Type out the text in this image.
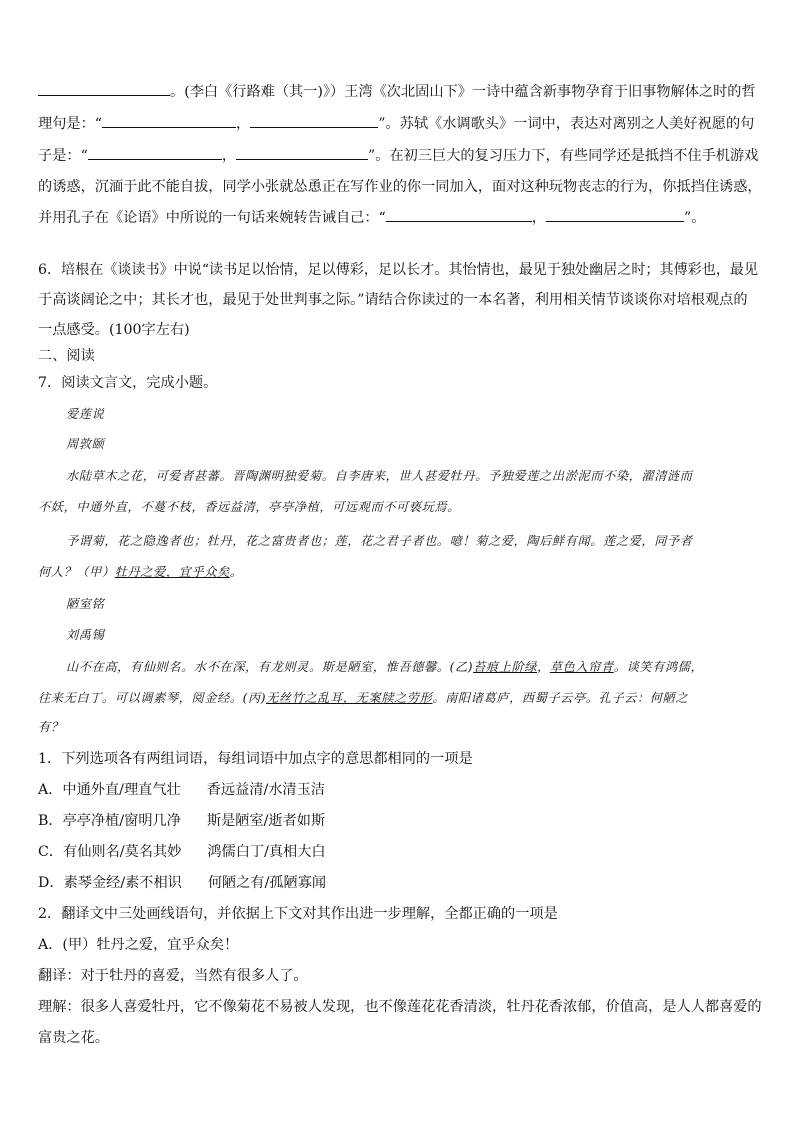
。(李白《行路难（其一)》）王湾《次北固山下》一诗中蕴含新事物孕育于旧事物解体之时的哲
理句是：“	，	”。苏轼《水调歌头》一词中，表达对离别之人美好祝愿的句
子是：“	，	”。在初三巨大的复习压力下，有些同学还是抵挡不住手机游戏
的诱惑，沉湎于此不能自拔，同学小张就怂恿正在写作业的你一同加入，面对这种玩物丧志的行为，你抵挡住诱惑，
并用孔子在《论语》中所说的一句话来婉转告诫自己：“	，	”。
6．培根在《谈读书》中说“读书足以怡情，足以傅彩，足以长才。其怡情也，最见于独处幽居之时；其傅彩也，最见
于高谈阔论之中；其长才也，最见于处世判事之际。”请结合你读过的一本名著，利用相关情节谈谈你对培根观点的
一点感受。(100字左右)
二、阅读
7．阅读文言文，完成小题。
爱莲说
周敦颐
水陆草木之花，可爱者甚蕃。晋陶渊明独爱菊。自李唐来，世人甚爱牡丹。予独爱莲之出淤泥而不染，濯清涟而
不妖，中通外直，不蔓不枝，香远益清，亭亭净植，可远观而不可亵玩焉。
予谓菊，花之隐逸者也；牡丹，花之富贵者也；莲，花之君子者也。噫！菊之爱，陶后鲜有闻。莲之爱，同予者
何人？（甲）牡丹之爱，宜乎众矣。
陋室铭
刘禹锡
山不在高，有仙则名。水不在深，有龙则灵。斯是陋室，惟吾德馨。(乙)苔痕上阶绿，草色入帘青。谈笑有鸿儒，
往来无白丁。可以调素琴，阅金经。(丙)无丝竹之乱耳，无案牍之劳形。南阳诸葛庐，西蜀子云亭。孔子云：何陋之
有？
1．下列选项各有两组词语，每组词语中加点字的意思都相同的一项是
A．中通外直/理直气壮 香远益清/水清玉洁
B．亭亭净植/窗明几净 斯是陋室/逝者如斯
C．有仙则名/莫名其妙 鸿儒白丁/真相大白
D．素琴金经/素不相识 何陋之有/孤陋寡闻
2．翻译文中三处画线语句，并依据上下文对其作出进一步理解，全都正确的一项是
A．(甲）牡丹之爱，宜乎众矣！
翻译：对于牡丹的喜爱，当然有很多人了。
理解：很多人喜爱牡丹，它不像菊花不易被人发现，也不像莲花花香清淡，牡丹花香浓郁，价值高，是人人都喜爱的
富贵之花。
